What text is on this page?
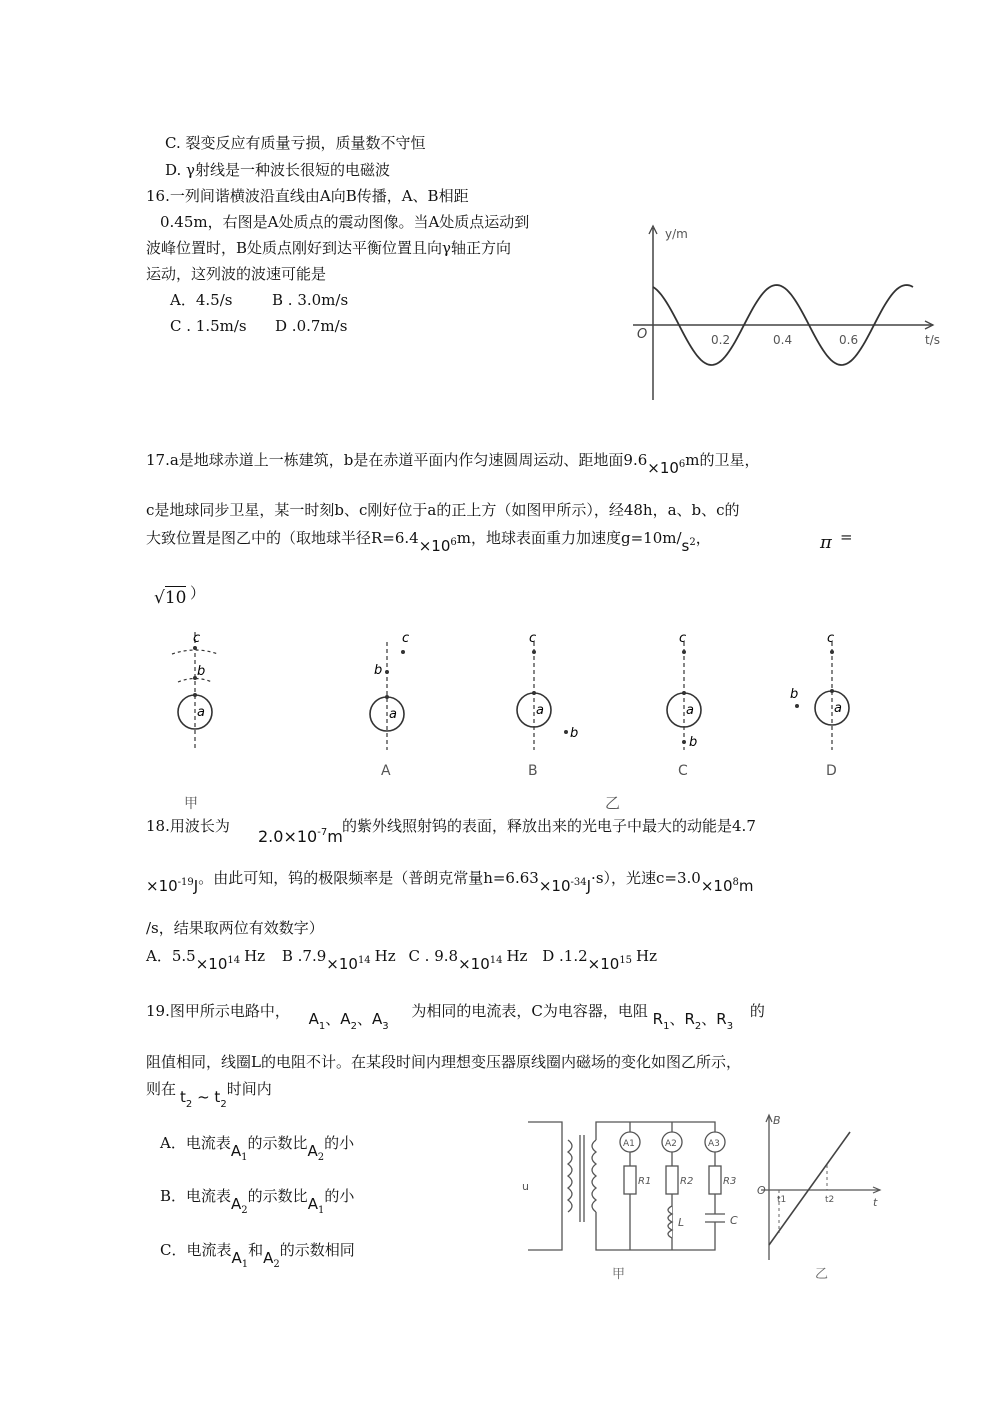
C. 裂变反应有质量亏损，质量数不守恒
D. γ射线是一种波长很短的电磁波
16.一列间谐横波沿直线由A向B传播，A、B相距
0.45m，右图是A处质点的震动图像。当A处质点运动到
波峰位置时，B处质点刚好到达平衡位置且向γ轴正方向
运动，这列波的波速可能是
A．4.5/s	B . 3.0m/s
C . 1.5m/s D .0.7m/s
y/m
t/s
O	0.2	0.4	0.6
17.a是地球赤道上一栋建筑，b是在赤道平面内作匀速圆周运动、距地面9.6×106m的卫星，
c是地球同步卫星，某一时刻b、c刚好位于a的正上方（如图甲所示），经48h，a、b、c的
大致位置是图乙中的（取地球半径R=6.4×106m，地球表面重力加速度g=10m/s2，	π =
√10 ）
a
b
c
甲
a
b
c
A
a
b
c
B
a
b
c
C
a
b
c
D
乙
18.用波长为
$2.0\times 10^{-7}m$
的紫外线照射钨的表面，释放出来的光电子中最大的动能是4.7
×10-19J。由此可知，钨的极限频率是（普朗克常量h=6.63×10-34J·s），光速c=3.0×108m
/s，结果取两位有效数字）
A．5.5×1014 Hz B .7.9×1014 Hz C . 9.8×1014 Hz D .1.2×1015 Hz
19.图甲所示电路中， $A_1$、$A_2$、$A_3$ 为相同的电流表，C为电容器，电阻 $R_1$、$R_2$、$R_3$ 的
阻值相同，线圈L的电阻不计。在某段时间内理想变压器原线圈内磁场的变化如图乙所示，
则在 $t_2$ ~ $t_2$时间内
A．电流表$A_1$的示数比$A_2$的小
B．电流表$A_2$的示数比$A_1$的小
C．电流表$A_1$和$A_2$的示数相同
u
A1	A2	A3
R1	R2	R3
L	C
甲
B
O
t
t1	t2
乙
